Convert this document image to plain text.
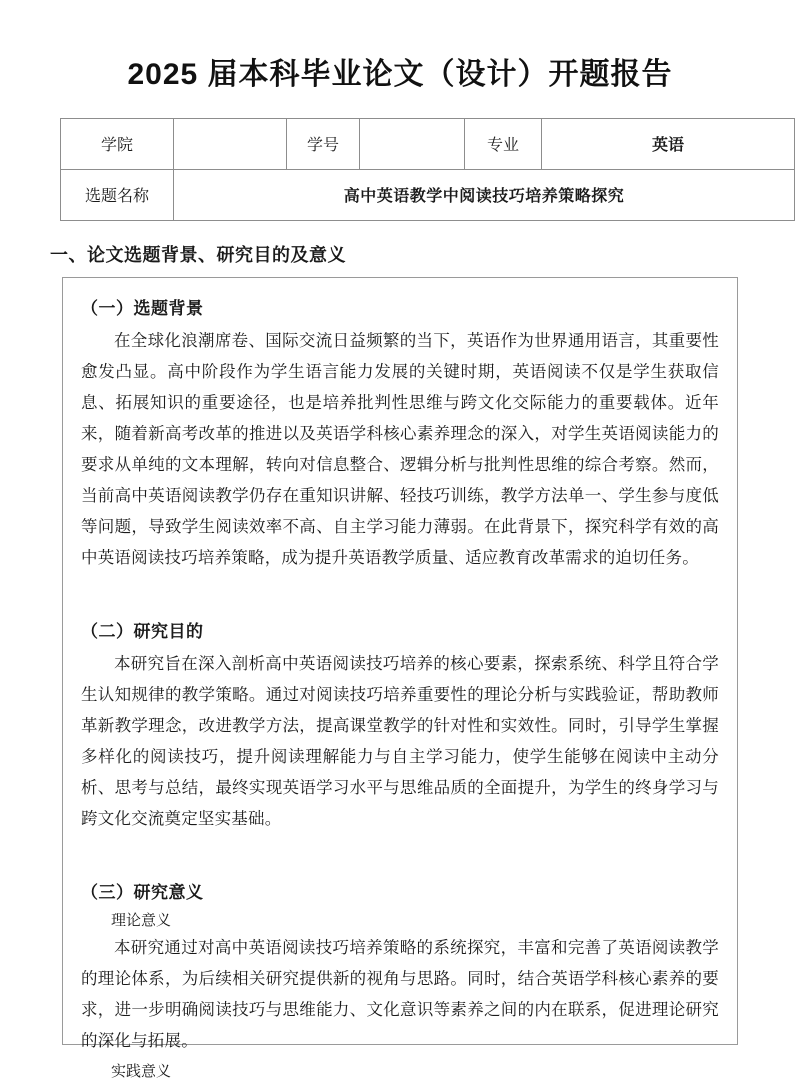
2025 届本科毕业论文（设计）开题报告
学院		学号		专业	英语
选题名称	高中英语教学中阅读技巧培养策略探究				
一、论文选题背景、研究目的及意义
（一）选题背景

在全球化浪潮席卷、国际交流日益频繁的当下，英语作为世界通用语言，其重要性愈发凸显。高中阶段作为学生语言能力发展的关键时期，英语阅读不仅是学生获取信息、拓展知识的重要途径，也是培养批判性思维与跨文化交际能力的重要载体。近年来，随着新高考改革的推进以及英语学科核心素养理念的深入，对学生英语阅读能力的要求从单纯的文本理解，转向对信息整合、逻辑分析与批判性思维的综合考察。然而，当前高中英语阅读教学仍存在重知识讲解、轻技巧训练，教学方法单一、学生参与度低等问题，导致学生阅读效率不高、自主学习能力薄弱。在此背景下，探究科学有效的高中英语阅读技巧培养策略，成为提升英语教学质量、适应教育改革需求的迫切任务。

（二）研究目的

本研究旨在深入剖析高中英语阅读技巧培养的核心要素，探索系统、科学且符合学生认知规律的教学策略。通过对阅读技巧培养重要性的理论分析与实践验证，帮助教师革新教学理念，改进教学方法，提高课堂教学的针对性和实效性。同时，引导学生掌握多样化的阅读技巧，提升阅读理解能力与自主学习能力，使学生能够在阅读中主动分析、思考与总结，最终实现英语学习水平与思维品质的全面提升，为学生的终身学习与跨文化交流奠定坚实基础。

（三）研究意义
理论意义

本研究通过对高中英语阅读技巧培养策略的系统探究，丰富和完善了英语阅读教学的理论体系，为后续相关研究提供新的视角与思路。同时，结合英语学科核心素养的要求，进一步明确阅读技巧与思维能力、文化意识等素养之间的内在联系，促进理论研究的深化与拓展。

实践意义
